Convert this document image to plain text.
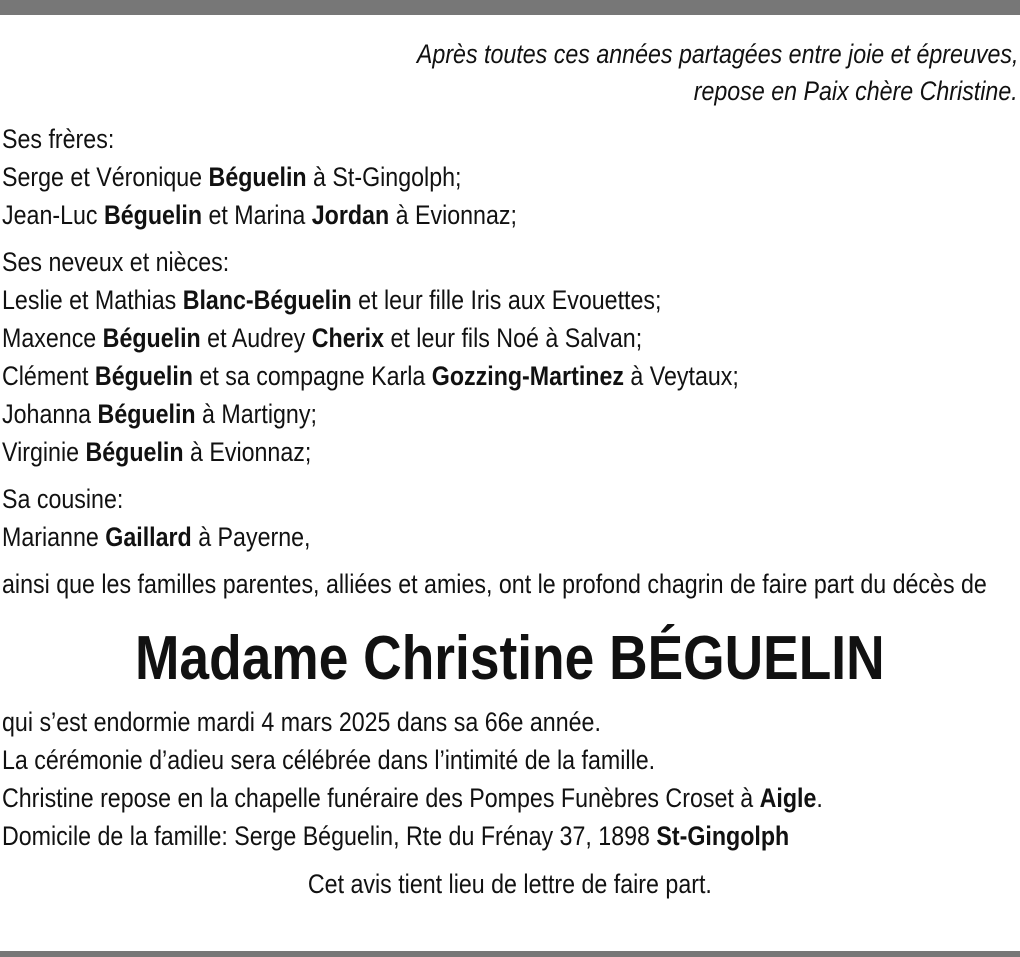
Après toutes ces années partagées entre joie et épreuves,
repose en Paix chère Christine.
Ses frères:
Serge et Véronique Béguelin à St-Gingolph;
Jean-Luc Béguelin et Marina Jordan à Evionnaz;
Ses neveux et nièces:
Leslie et Mathias Blanc-Béguelin et leur fille Iris aux Evouettes;
Maxence Béguelin et Audrey Cherix et leur fils Noé à Salvan;
Clément Béguelin et sa compagne Karla Gozzing-Martinez à Veytaux;
Johanna Béguelin à Martigny;
Virginie Béguelin à Evionnaz;
Sa cousine:
Marianne Gaillard à Payerne,
ainsi que les familles parentes, alliées et amies, ont le profond chagrin de faire part du décès de
Madame Christine BÉGUELIN
qui s’est endormie mardi 4 mars 2025 dans sa 66e année.
La cérémonie d’adieu sera célébrée dans l’intimité de la famille.
Christine repose en la chapelle funéraire des Pompes Funèbres Croset à Aigle.
Domicile de la famille: Serge Béguelin, Rte du Frénay 37, 1898 St-Gingolph
Cet avis tient lieu de lettre de faire part.
